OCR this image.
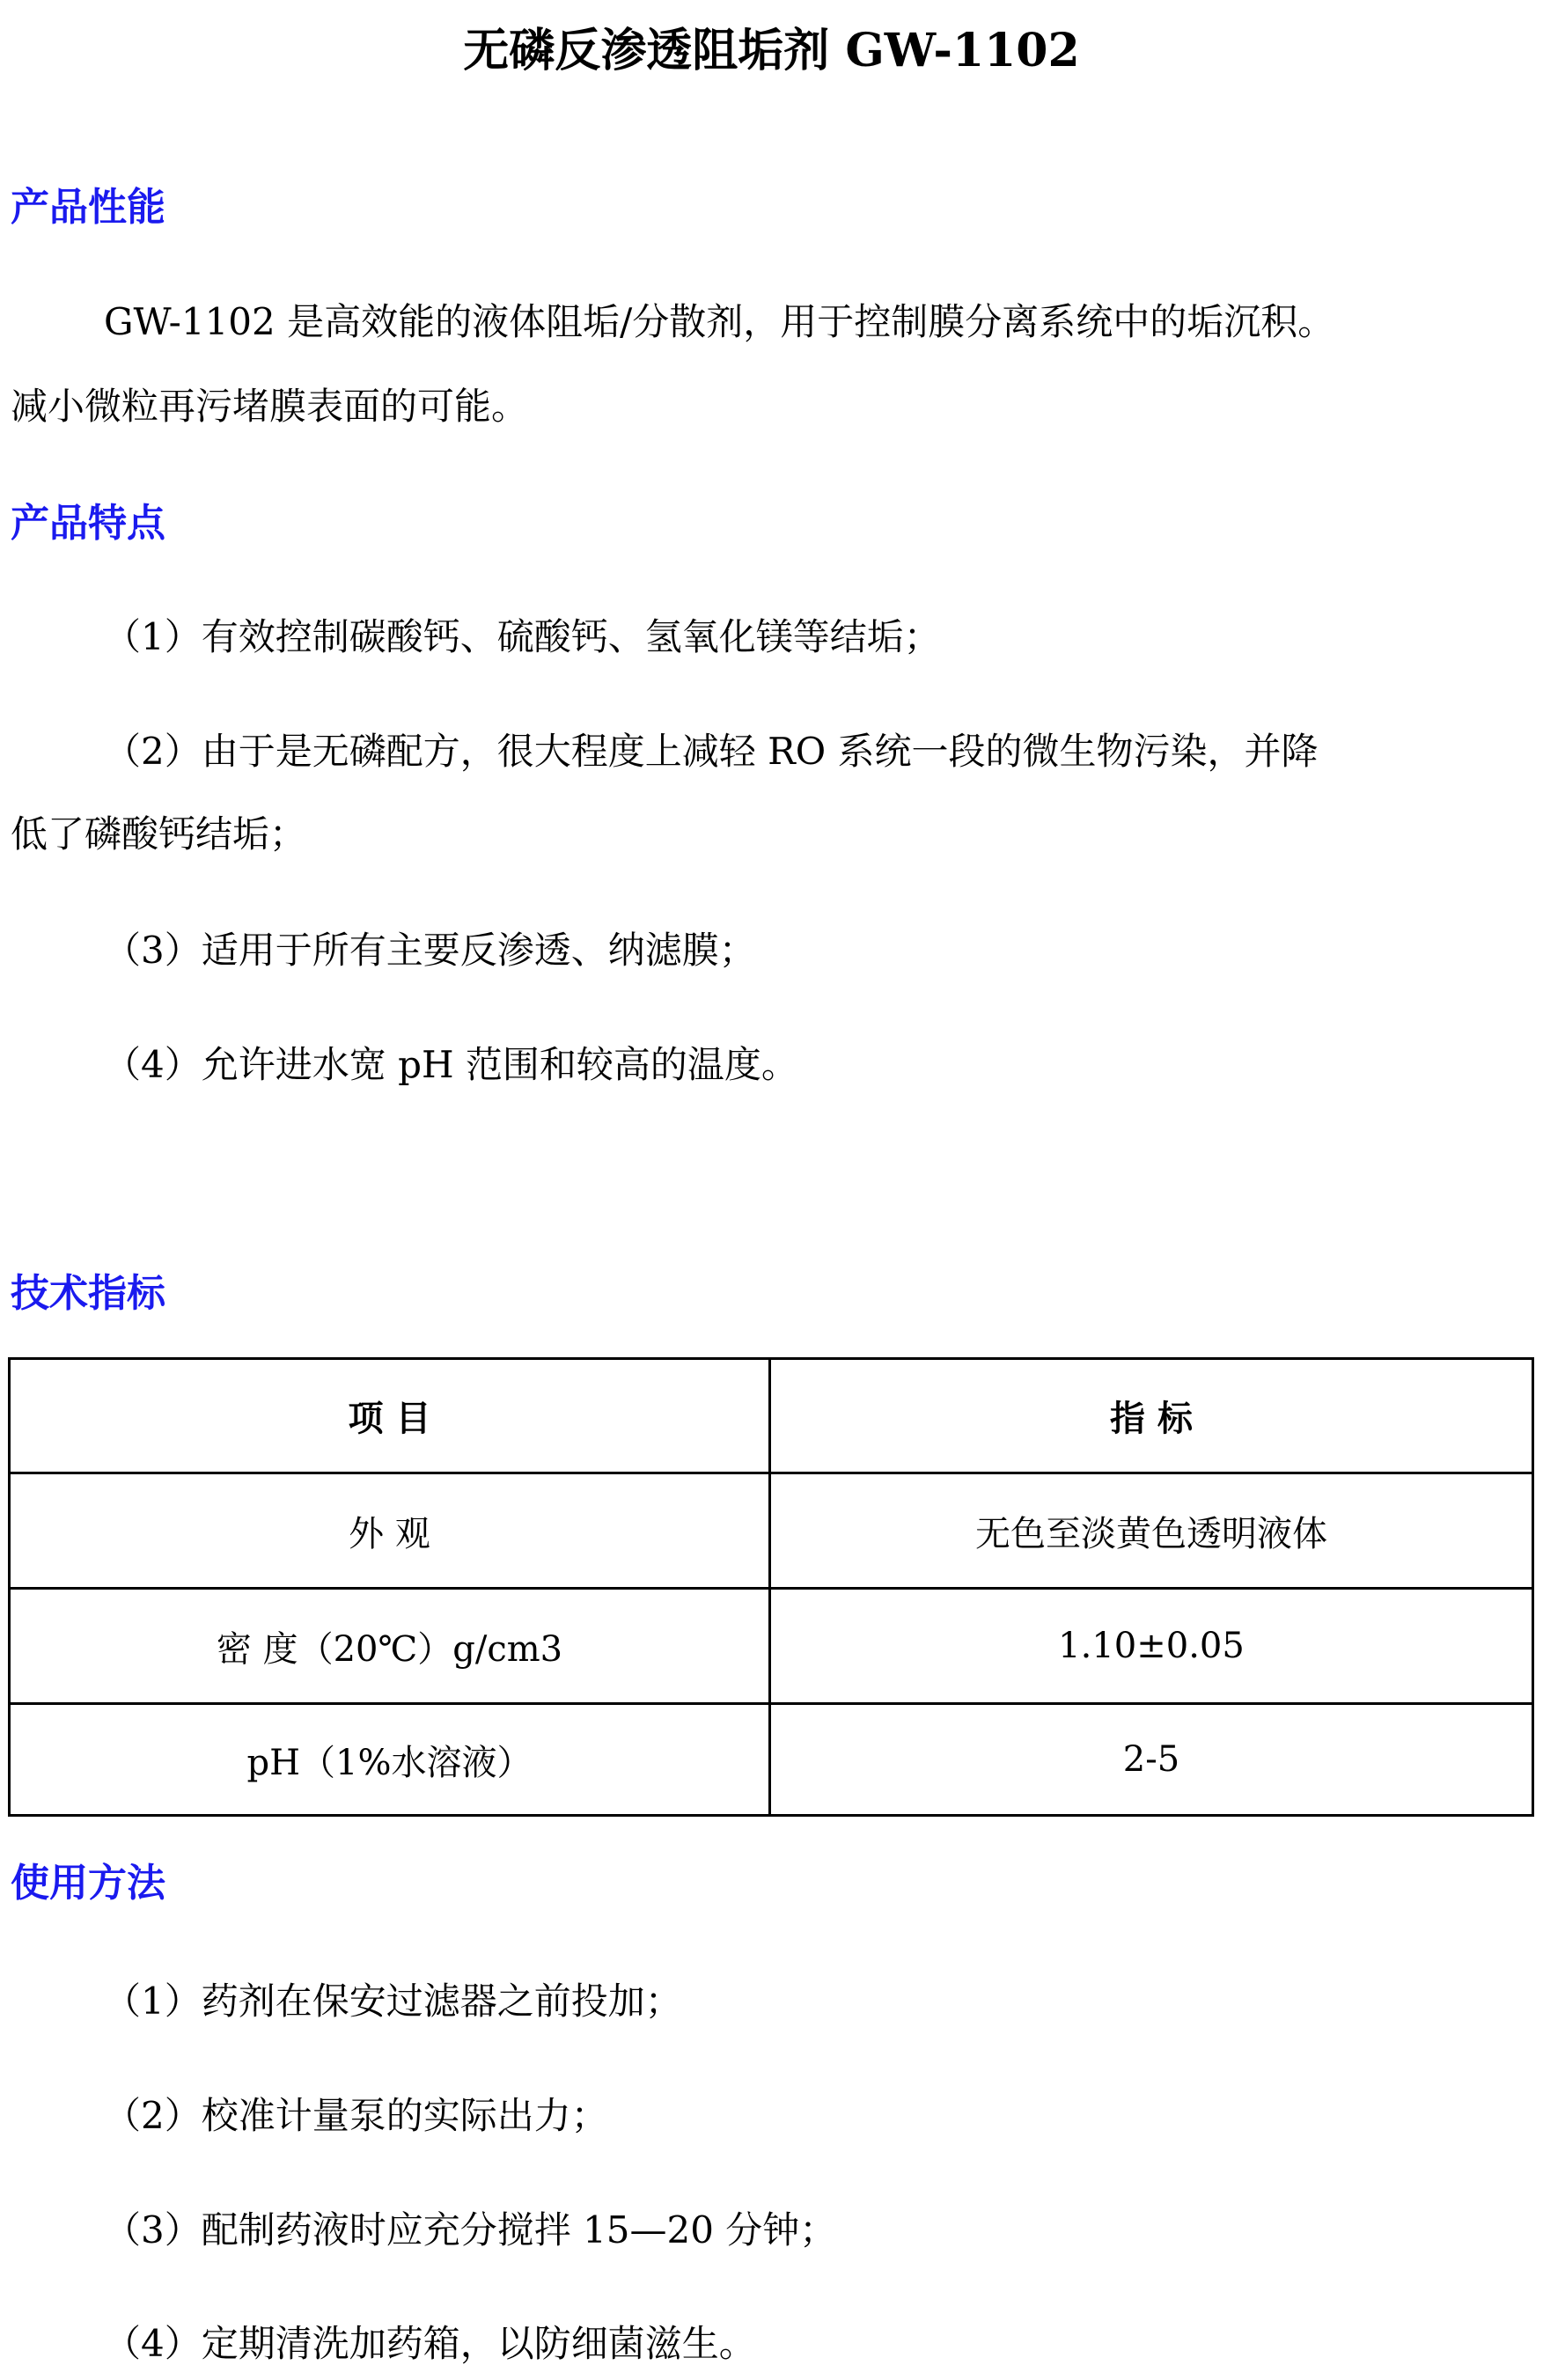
无磷反渗透阻垢剂 GW-1102
产品性能
GW-1102 是高效能的液体阻垢/分散剂，用于控制膜分离系统中的垢沉积。
减小微粒再污堵膜表面的可能。
产品特点
（1）有效控制碳酸钙、硫酸钙、氢氧化镁等结垢；
（2）由于是无磷配方，很大程度上减轻 RO 系统一段的微生物污染，并降
低了磷酸钙结垢；
（3）适用于所有主要反渗透、纳滤膜；
（4）允许进水宽 pH 范围和较高的温度。
技术指标
项 目	指 标
外 观	无色至淡黄色透明液体
密 度（20℃）g/cm3	1.10±0.05
pH（1%水溶液）	2-5
使用方法
（1）药剂在保安过滤器之前投加；
（2）校准计量泵的实际出力；
（3）配制药液时应充分搅拌 15—20 分钟；
（4）定期清洗加药箱，以防细菌滋生。
